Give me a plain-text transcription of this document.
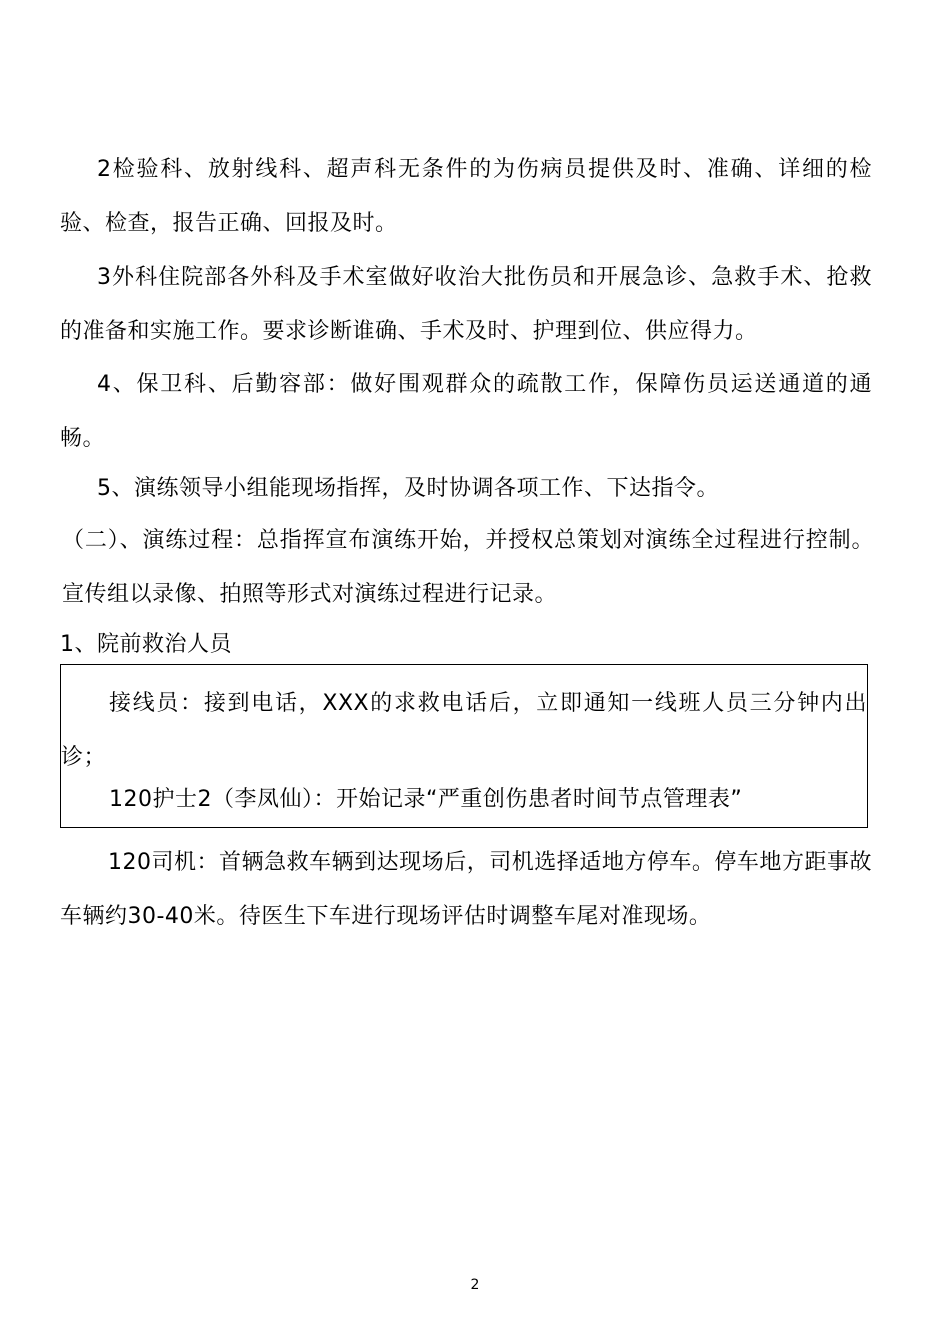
2检验科、放射线科、超声科无条件的为伤病员提供及时、准确、详细的检验、检查，报告正确、回报及时。

3外科住院部各外科及手术室做好收治大批伤员和开展急诊、急救手术、抢救的准备和实施工作。要求诊断谁确、手术及时、护理到位、供应得力。

4、保卫科、后勤容部：做好围观群众的疏散工作，保障伤员运送通道的通畅。

5、演练领导小组能现场指挥，及时协调各项工作、下达指令。

（二）、演练过程：总指挥宣布演练开始，并授权总策划对演练全过程进行控制。宣传组以录像、拍照等形式对演练过程进行记录。

1、院前救治人员

接线员：接到电话，XXX的求救电话后，立即通知一线班人员三分钟内出诊；

120护士2（李凤仙）：开始记录“严重创伤患者时间节点管理表”

120司机：首辆急救车辆到达现场后，司机选择适地方停车。停车地方距事故车辆约30-40米。待医生下车进行现场评估时调整车尾对准现场。

2
